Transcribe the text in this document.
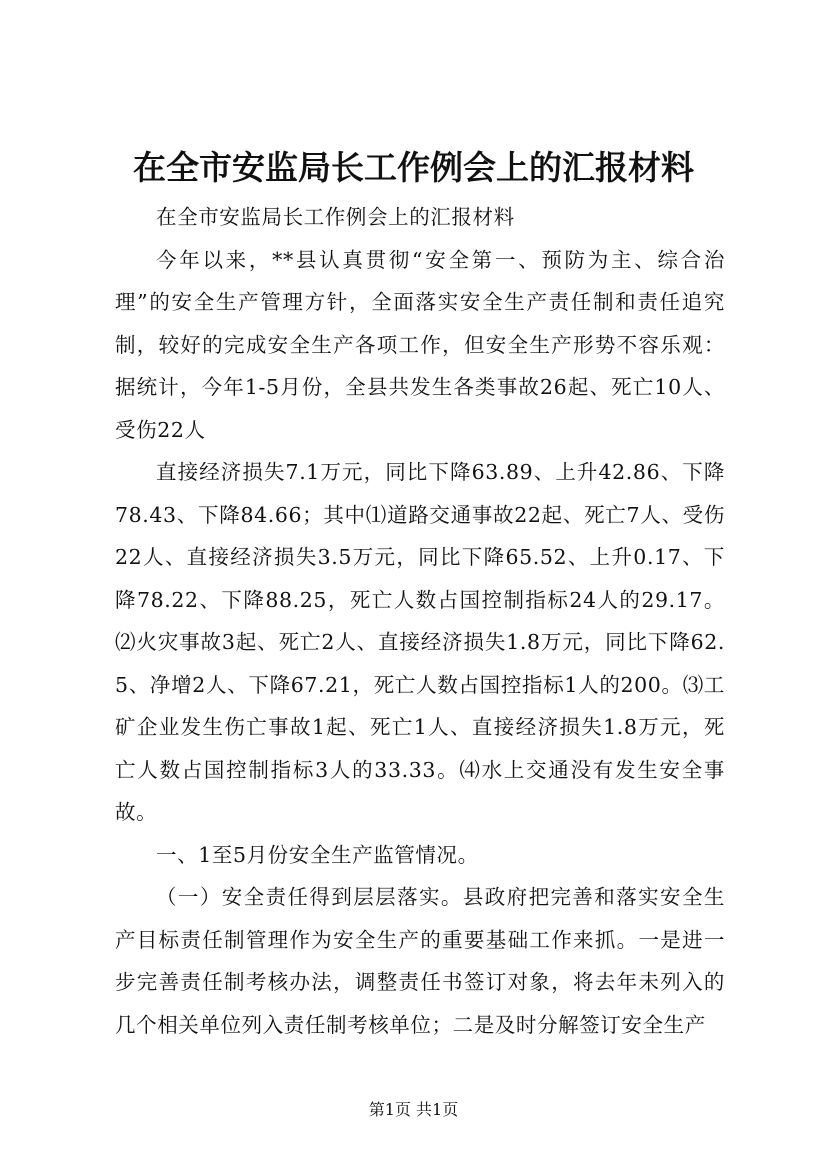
在全市安监局长工作例会上的汇报材料

在全市安监局长工作例会上的汇报材料

今年以来，**县认真贯彻“安全第一、预防为主、综合治理”的安全生产管理方针，全面落实安全生产责任制和责任追究制，较好的完成安全生产各项工作，但安全生产形势不容乐观：据统计，今年1-5月份，全县共发生各类事故26起、死亡10人、受伤22人

直接经济损失7.1万元，同比下降63.89、上升42.86、下降78.43、下降84.66；其中⑴道路交通事故22起、死亡7人、受伤22人、直接经济损失3.5万元，同比下降65.52、上升0.17、下降78.22、下降88.25，死亡人数占国控制指标24人的29.17。⑵火灾事故3起、死亡2人、直接经济损失1.8万元，同比下降62.5、净增2人、下降67.21，死亡人数占国控指标1人的200。⑶工矿企业发生伤亡事故1起、死亡1人、直接经济损失1.8万元，死亡人数占国控制指标3人的33.33。⑷水上交通没有发生安全事故。

一、1至5月份安全生产监管情况。

（一）安全责任得到层层落实。县政府把完善和落实安全生产目标责任制管理作为安全生产的重要基础工作来抓。一是进一步完善责任制考核办法，调整责任书签订对象，将去年未列入的几个相关单位列入责任制考核单位；二是及时分解签订安全生产

第1页 共1页
